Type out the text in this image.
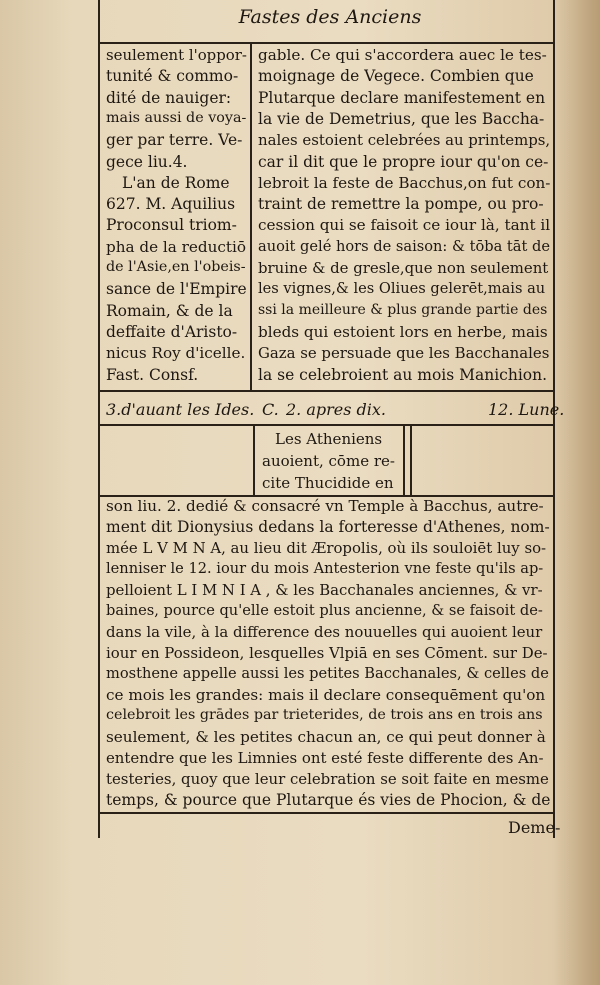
Fastes des Anciens
seulement l'oppor-
tunité & commo-
dité de nauiger:
mais aussi de voya-
ger par terre. Ve-
gece liu.4.
L'an de Rome
627. M. Aquilius
Proconsul triom-
pha de la reductiō
de l'Asie,en l'obeis-
sance de l'Empire
Romain, & de la
deffaite d'Aristo-
nicus Roy d'icelle.
Fast. Consf.
gable. Ce qui s'accordera auec le tes-
moignage de Vegece. Combien que
Plutarque declare manifestement en
la vie de Demetrius, que les Baccha-
nales estoient celebrées au printemps,
car il dit que le propre iour qu'on ce-
lebroit la feste de Bacchus,on fut con-
traint de remettre la pompe, ou pro-
cession qui se faisoit ce iour là, tant il
auoit gelé hors de saison: & tōba tāt de
bruine & de gresle,que non seulement
les vignes,& les Oliues gelerēt,mais au
ssi la meilleure & plus grande partie des
bleds qui estoient lors en herbe, mais
Gaza se persuade que les Bacchanales
la se celebroient au mois Manichion.
3.d'auant les Ides. C. 2. apres dix.	12. Lune.
Les Atheniens
auoient, cōme re-
cite Thucidide en
son liu. 2. dedié & consacré vn Temple à Bacchus, autre-
ment dit Dionysius dedans la forteresse d'Athenes, nom-
mée L V M N A, au lieu dit Æropolis, où ils souloiēt luy so-
lenniser le 12. iour du mois Antesterion vne feste qu'ils ap-
pelloient L I M N I A , & les Bacchanales anciennes, & vr-
baines, pource qu'elle estoit plus ancienne, & se faisoit de-
dans la vile, à la difference des nouuelles qui auoient leur
iour en Possideon, lesquelles Vlpiā en ses Cōment. sur De-
mosthene appelle aussi les petites Bacchanales, & celles de
ce mois les grandes: mais il declare consequēment qu'on
celebroit les grādes par trieterides, de trois ans en trois ans
seulement, & les petites chacun an, ce qui peut donner à
entendre que les Limnies ont esté feste differente des An-
testeries, quoy que leur celebration se soit faite en mesme
temps, & pource que Plutarque és vies de Phocion, & de
Deme-
